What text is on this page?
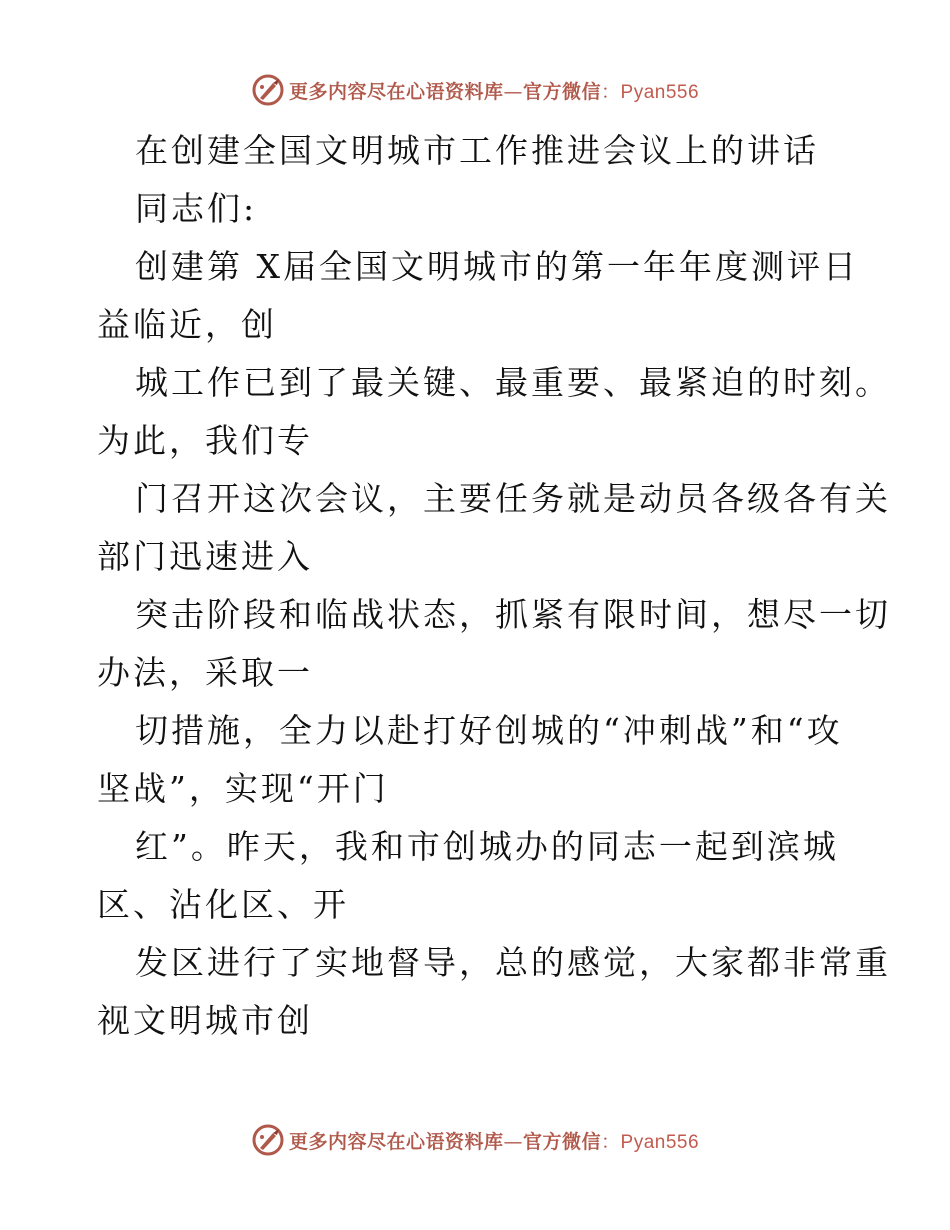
更多内容尽在心语资料库—官方微信：Pyan556
在创建全国文明城市工作推进会议上的讲话
同志们:
创建第 X届全国文明城市的第一年年度测评日
益临近，创
城工作已到了最关键、最重要、最紧迫的时刻。
为此，我们专
门召开这次会议，主要任务就是动员各级各有关
部门迅速进入
突击阶段和临战状态，抓紧有限时间，想尽一切
办法，采取一
切措施，全力以赴打好创城的“冲刺战”和“攻
坚战”，实现“开门
红”。昨天，我和市创城办的同志一起到滨城
区、沾化区、开
发区进行了实地督导，总的感觉，大家都非常重
视文明城市创
更多内容尽在心语资料库—官方微信：Pyan556
